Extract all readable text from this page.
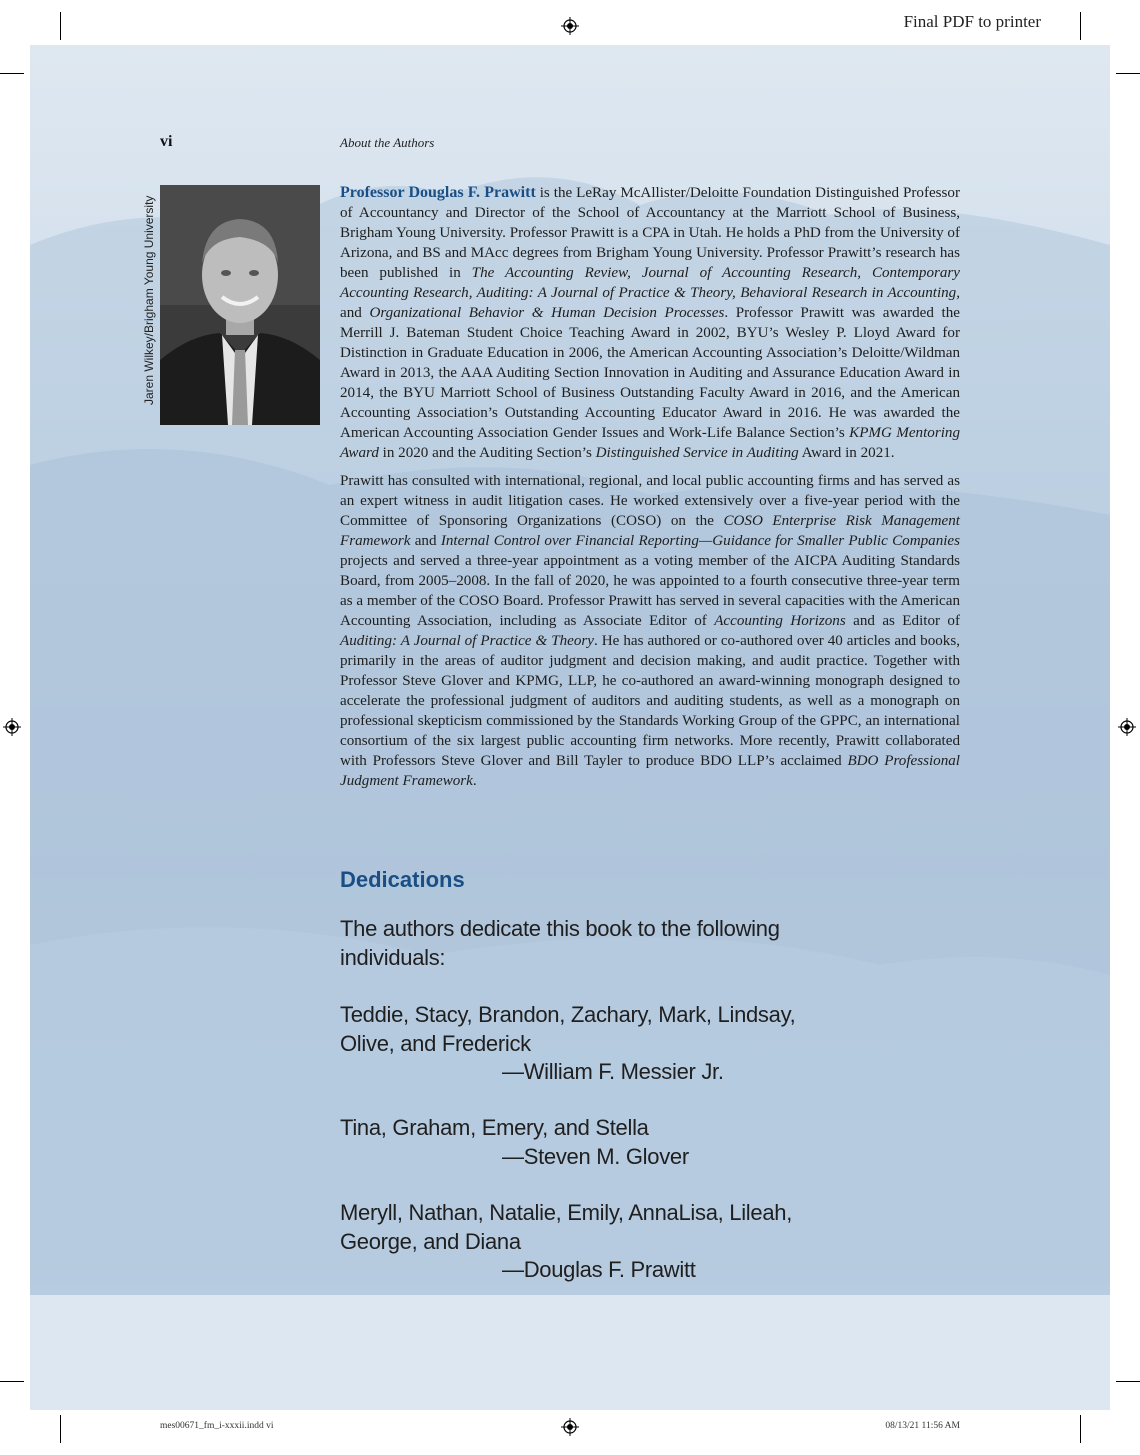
Final PDF to printer
vi	About the Authors
Jaren Wilkey/Brigham Young University

Professor Douglas F. Prawitt is the LeRay McAllister/Deloitte Foundation Distinguished Professor of Accountancy and Director of the School of Accountancy at the Marriott School of Business, Brigham Young University. Professor Prawitt is a CPA in Utah. He holds a PhD from the University of Arizona, and BS and MAcc degrees from Brigham Young University. Professor Prawitt’s research has been published in The Accounting Review, Journal of Accounting Research, Contemporary Accounting Research, Auditing: A Journal of Practice & Theory, Behavioral Research in Accounting, and Organizational Behavior & Human Decision Processes. Professor Prawitt was awarded the Merrill J. Bateman Student Choice Teaching Award in 2002, BYU’s Wesley P. Lloyd Award for Distinction in Graduate Education in 2006, the American Accounting Association’s Deloitte/Wildman Award in 2013, the AAA Auditing Section Innovation in Auditing and Assurance Education Award in 2014, the BYU Marriott School of Business Outstanding Faculty Award in 2016, and the American Accounting Association’s Outstanding Accounting Educator Award in 2016. He was awarded the American Accounting Association Gender Issues and Work-Life Balance Section’s KPMG Mentoring Award in 2020 and the Auditing Section’s Distinguished Service in Auditing Award in 2021.

Prawitt has consulted with international, regional, and local public accounting firms and has served as an expert witness in audit litigation cases. He worked extensively over a five-year period with the Committee of Sponsoring Organizations (COSO) on the COSO Enterprise Risk Management Framework and Internal Control over Financial Reporting—Guidance for Smaller Public Companies projects and served a three-year appointment as a voting member of the AICPA Auditing Standards Board, from 2005–2008. In the fall of 2020, he was appointed to a fourth consecutive three-year term as a member of the COSO Board. Professor Prawitt has served in several capacities with the American Accounting Association, including as Associate Editor of Accounting Horizons and as Editor of Auditing: A Journal of Practice & Theory. He has authored or co-authored over 40 articles and books, primarily in the areas of auditor judgment and decision making, and audit practice. Together with Professor Steve Glover and KPMG, LLP, he co-authored an award-winning monograph designed to accelerate the professional judgment of auditors and auditing students, as well as a monograph on professional skepticism commissioned by the Standards Working Group of the GPPC, an international consortium of the six largest public accounting firm networks. More recently, Prawitt collaborated with Professors Steve Glover and Bill Tayler to produce BDO LLP’s acclaimed BDO Professional Judgment Framework.

Dedications
The authors dedicate this book to the following individuals:
Teddie, Stacy, Brandon, Zachary, Mark, Lindsay, Olive, and Frederick
—William F. Messier Jr.
Tina, Graham, Emery, and Stella
—Steven M. Glover
Meryll, Nathan, Natalie, Emily, AnnaLisa, Lileah, George, and Diana
—Douglas F. Prawitt
mes00671_fm_i-xxxii.indd vi	08/13/21 11:56 AM
